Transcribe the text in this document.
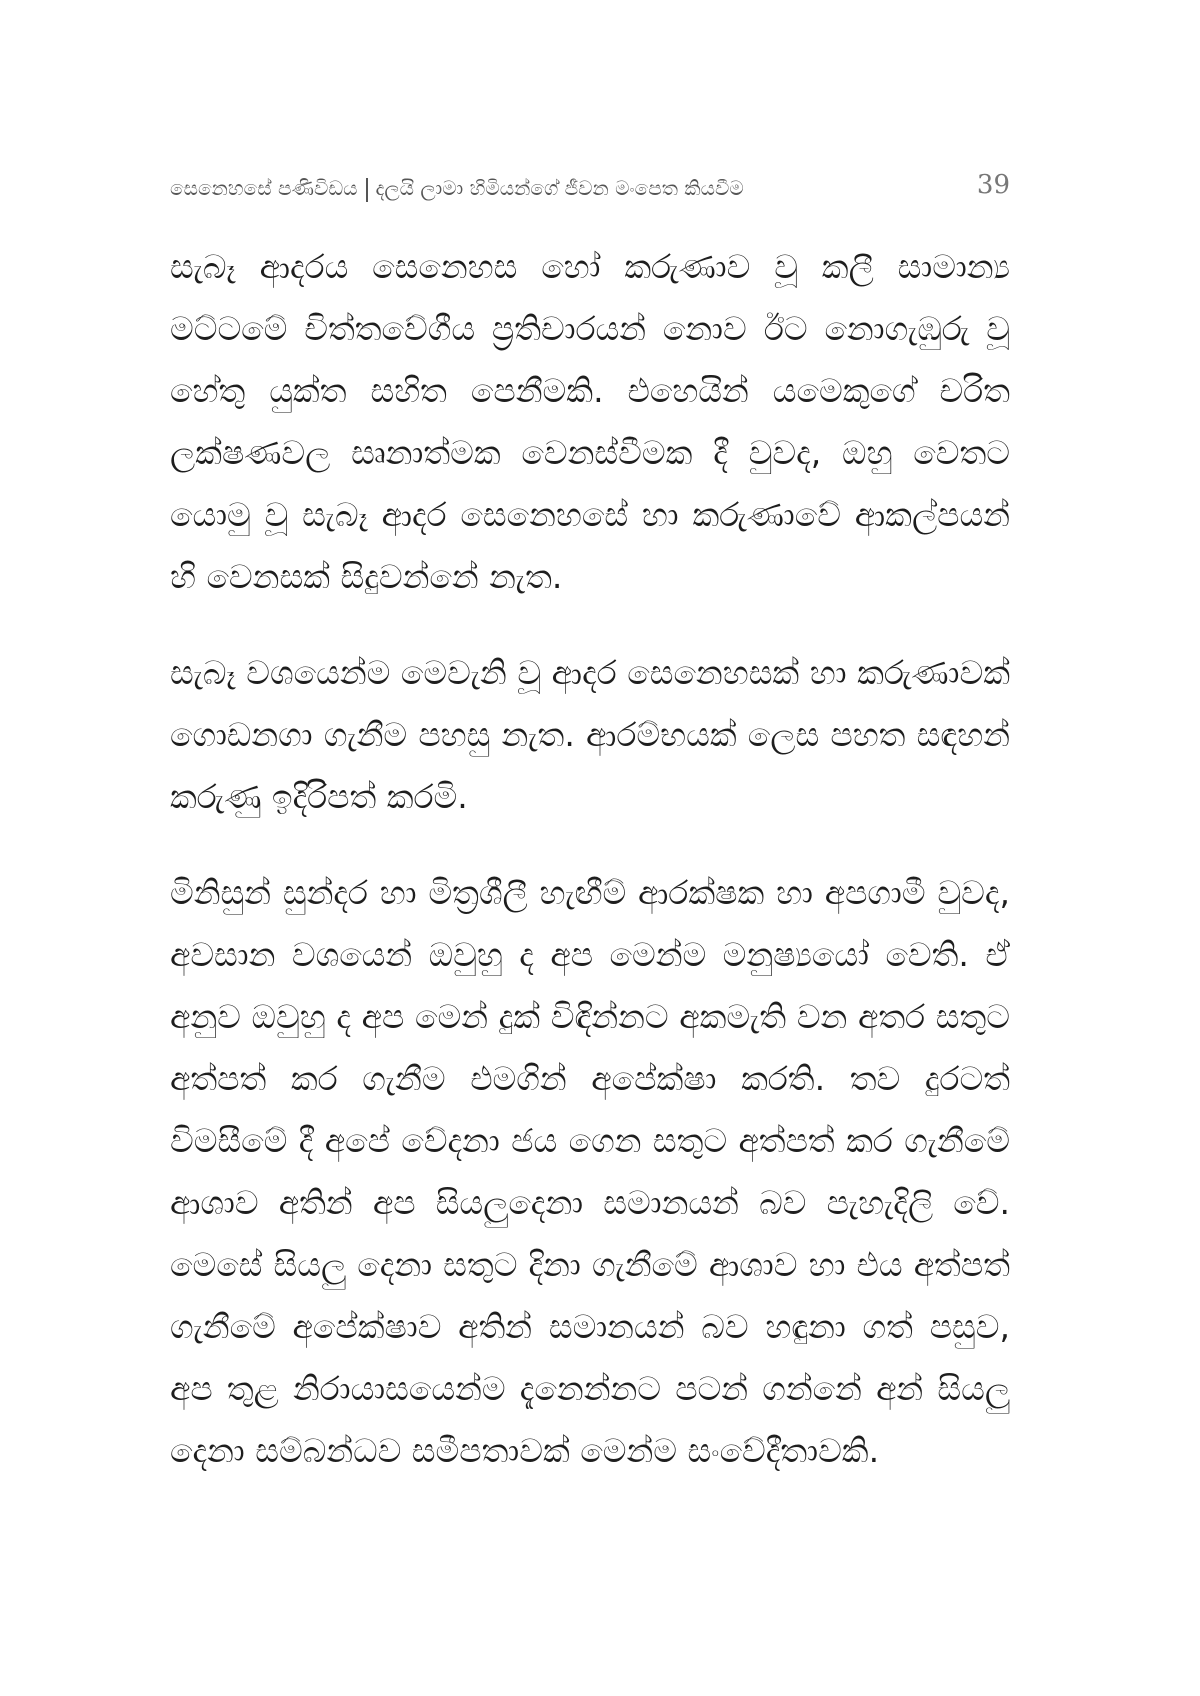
සෙනෙහසේ පණිවිඩය දලයි ලාමා හිමියන්ගේ ජීවන මංපෙත කියවීම	39

සැබෑ ආදරය සෙනෙහස හෝ කරුණාව වූ කලී සාමාන්‍ය මට්ටමේ චිත්තවේගීය ප්‍රතිචාරයන් නොව ඊට නොගැඹුරු වූ හේතු යුක්ත සහිත පෙනීමකි. එහෙයින් යමෙකුගේ චරිත ලක්ෂණවල සෘනාත්මක වෙනස්වීමක දී වුවද, ඔහු වෙතට යොමු වූ සැබෑ ආදර සෙනෙහසේ හා කරුණාවේ ආකල්පයන් හි වෙනසක් සිදුවන්නේ නැත.

සැබෑ වශයෙන්ම මෙවැනි වූ ආදර සෙනෙහසක් හා කරුණාවක් ගොඩනගා ගැනීම පහසු නැත. ආරම්භයක් ලෙස පහත සඳහන් කරුණු ඉදිරිපත් කරමි.

මිනිසුන් සුන්දර හා මිත්‍රශීලී හැඟීම් ආරක්ෂක හා අපගාමී වුවද, අවසාන වශයෙන් ඔවුහු ද අප මෙන්ම මනුෂ්‍යයෝ වෙති. ඒ අනුව ඔවුහු ද අප මෙන් දුක් විඳින්නට අකමැති වන අතර සතුට අත්පත් කර ගැනීම එමගින් අපේක්ෂා කරති. තව දුරටත් විමසීමේ දී අපේ වේදනා ජය ගෙන සතුට අත්පත් කර ගැනීමේ ආශාව අතින් අප සියලුදෙනා සමානයන් බව පැහැදිලි වේ. මෙසේ සියලු දෙනා සතුට දිනා ගැනීමේ ආශාව හා එය අත්පත් ගැනීමේ අපේක්ෂාව අතින් සමානයන් බව හඳුනා ගත් පසුව, අප තුළ නිරායාසයෙන්ම දැනෙන්නට පටන් ගන්නේ අන් සියලු දෙනා සම්බන්ධව සමීපතාවක් මෙන්ම සංවේදීතාවකි.
